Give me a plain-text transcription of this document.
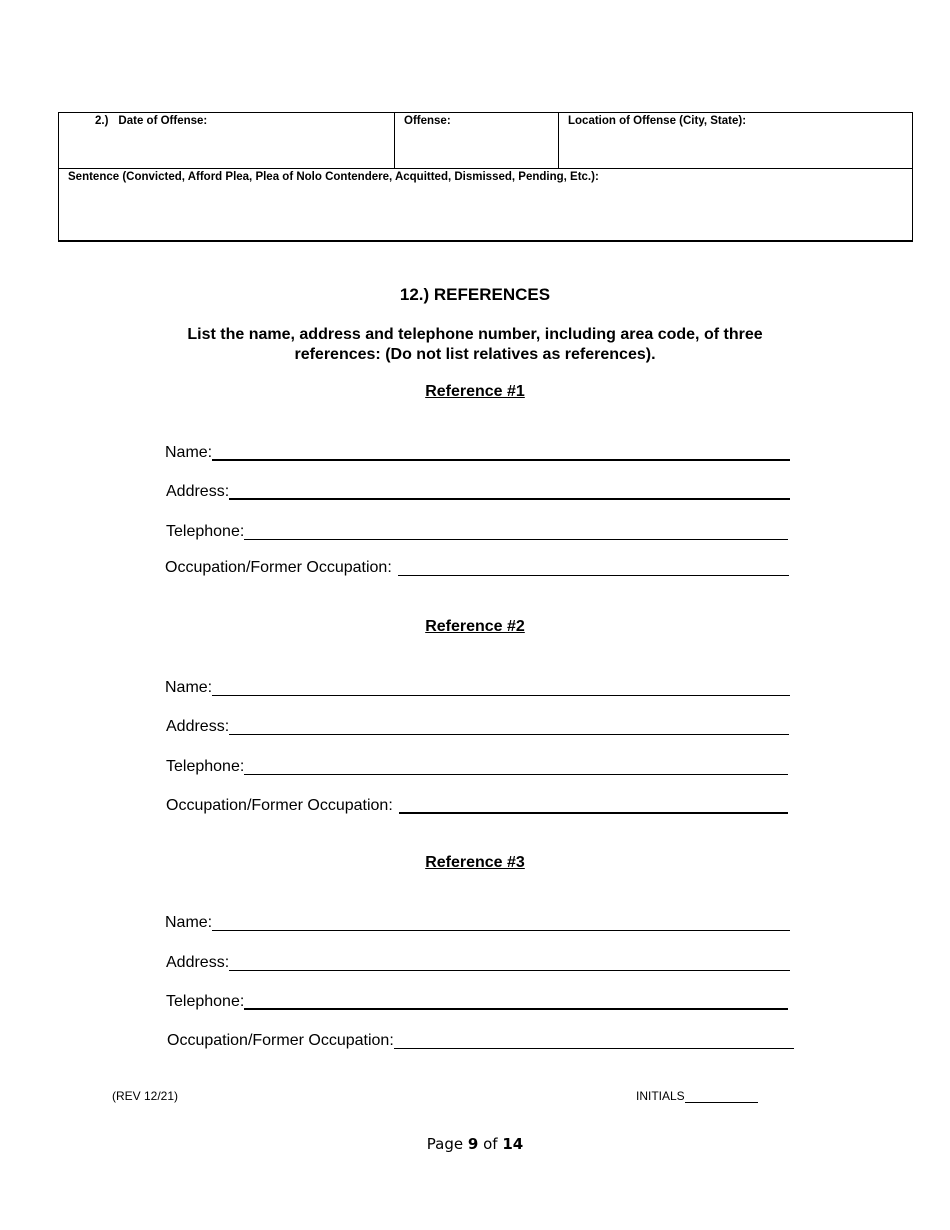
2.) Date of Offense:	Offense:	Location of Offense (City, State):

Sentence (Convicted, Afford Plea, Plea of Nolo Contendere, Acquitted, Dismissed, Pending, Etc.):
12.) REFERENCES
List the name, address and telephone number, including area code, of three references: (Do not list relatives as references).
Reference #1
Name:
Address:
Telephone:
Occupation/Former Occupation:
Reference #2
Name:
Address:
Telephone:
Occupation/Former Occupation:
Reference #3
Name:
Address:
Telephone:
Occupation/Former Occupation:
(REV 12/21)	INITIALS
Page 9 of 14
